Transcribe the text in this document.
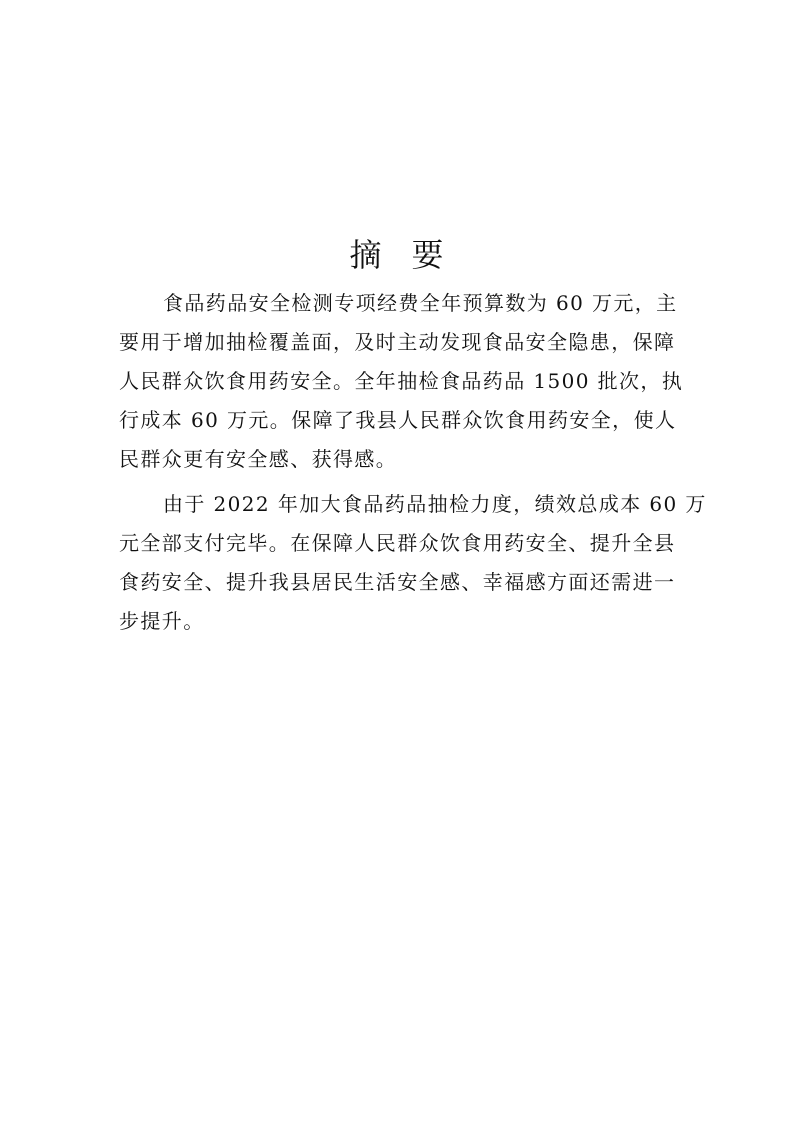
摘 要
食品药品安全检测专项经费全年预算数为 60 万元，主
要用于增加抽检覆盖面，及时主动发现食品安全隐患，保障
人民群众饮食用药安全。全年抽检食品药品 1500 批次，执
行成本 60 万元。保障了我县人民群众饮食用药安全，使人
民群众更有安全感、获得感。
由于 2022 年加大食品药品抽检力度，绩效总成本 60 万
元全部支付完毕。在保障人民群众饮食用药安全、提升全县
食药安全、提升我县居民生活安全感、幸福感方面还需进一
步提升。
